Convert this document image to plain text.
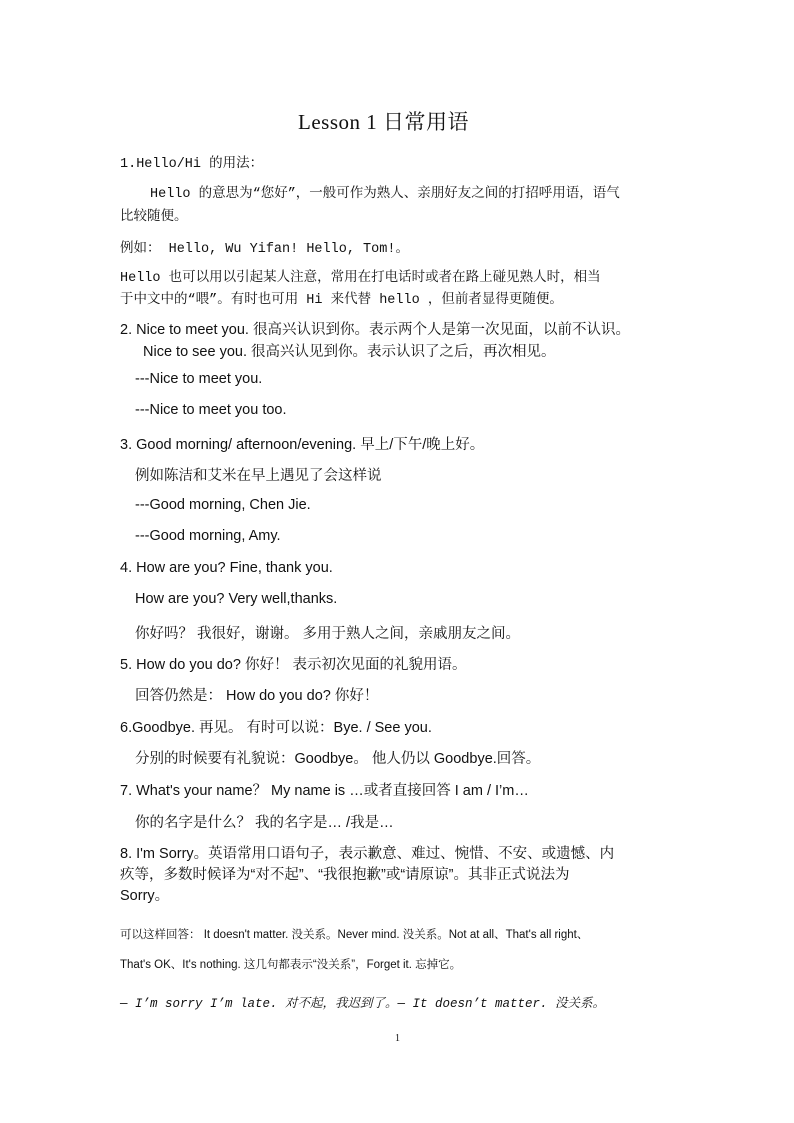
Lesson 1 日常用语
1.Hello/Hi 的用法：
Hello 的意思为“您好”，一般可作为熟人、亲朋好友之间的打招呼用语，语气
比较随便。
例如： Hello, Wu Yifan! Hello, Tom!。
Hello 也可以用以引起某人注意，常用在打电话时或者在路上碰见熟人时，相当
于中文中的“喂”。有时也可用 Hi 来代替 hello ，但前者显得更随便。
2. Nice to meet you. 很高兴认识到你。表示两个人是第一次见面，以前不认识。
Nice to see you. 很高兴认见到你。表示认识了之后，再次相见。
---Nice to meet you.
---Nice to meet you too.
3. Good morning/ afternoon/evening. 早上/下午/晚上好。
例如陈洁和艾米在早上遇见了会这样说
---Good morning, Chen Jie.
---Good morning, Amy.
4. How are you? Fine, thank you.
How are you? Very well,thanks.
你好吗？ 我很好，谢谢。 多用于熟人之间，亲戚朋友之间。
5. How do you do? 你好！ 表示初次见面的礼貌用语。
回答仍然是： How do you do? 你好！
6.Goodbye. 再见。 有时可以说：Bye. / See you.
分别的时候要有礼貌说：Goodbye。 他人仍以 Goodbye.回答。
7. What's your name？ My name is …或者直接回答 I am / I’m…
你的名字是什么？ 我的名字是… /我是…
8. I'm Sorry。英语常用口语句子，表示歉意、难过、惋惜、不安、或遗憾、内
疚等，多数时候译为“对不起”、“我很抱歉”或“请原谅”。其非正式说法为
Sorry。
可以这样回答： It doesn't matter. 没关系。Never mind. 没关系。Not at all、That's all right、
That's OK、It's nothing. 这几句都表示“没关系”，Forget it. 忘掉它。
— I’m sorry I’m late. 对不起，我迟到了。— It doesn’t matter. 没关系。
1
